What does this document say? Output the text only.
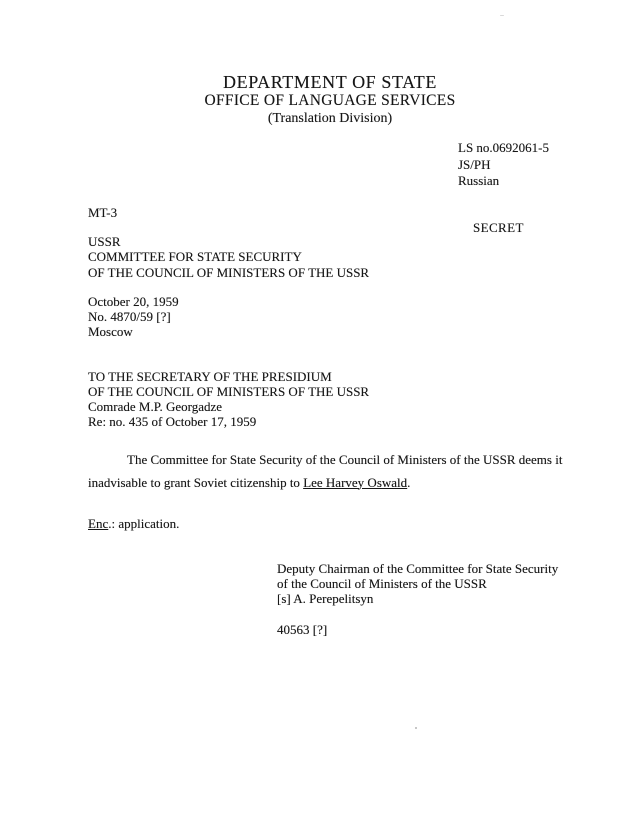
DEPARTMENT OF STATE
OFFICE OF LANGUAGE SERVICES
(Translation Division)
LS no.0692061-5
JS/PH
Russian
MT-3
SECRET
USSR
COMMITTEE FOR STATE SECURITY
OF THE COUNCIL OF MINISTERS OF THE USSR
October 20, 1959
No. 4870/59 [?]
Moscow
TO THE SECRETARY OF THE PRESIDIUM
OF THE COUNCIL OF MINISTERS OF THE USSR
Comrade M.P. Georgadze
Re: no. 435 of October 17, 1959
The Committee for State Security of the Council of Ministers of the USSR deems it
inadvisable to grant Soviet citizenship to Lee Harvey Oswald.
Enc.: application.
Deputy Chairman of the Committee for State Security
of the Council of Ministers of the USSR
[s] A. Perepelitsyn
40563 [?]
